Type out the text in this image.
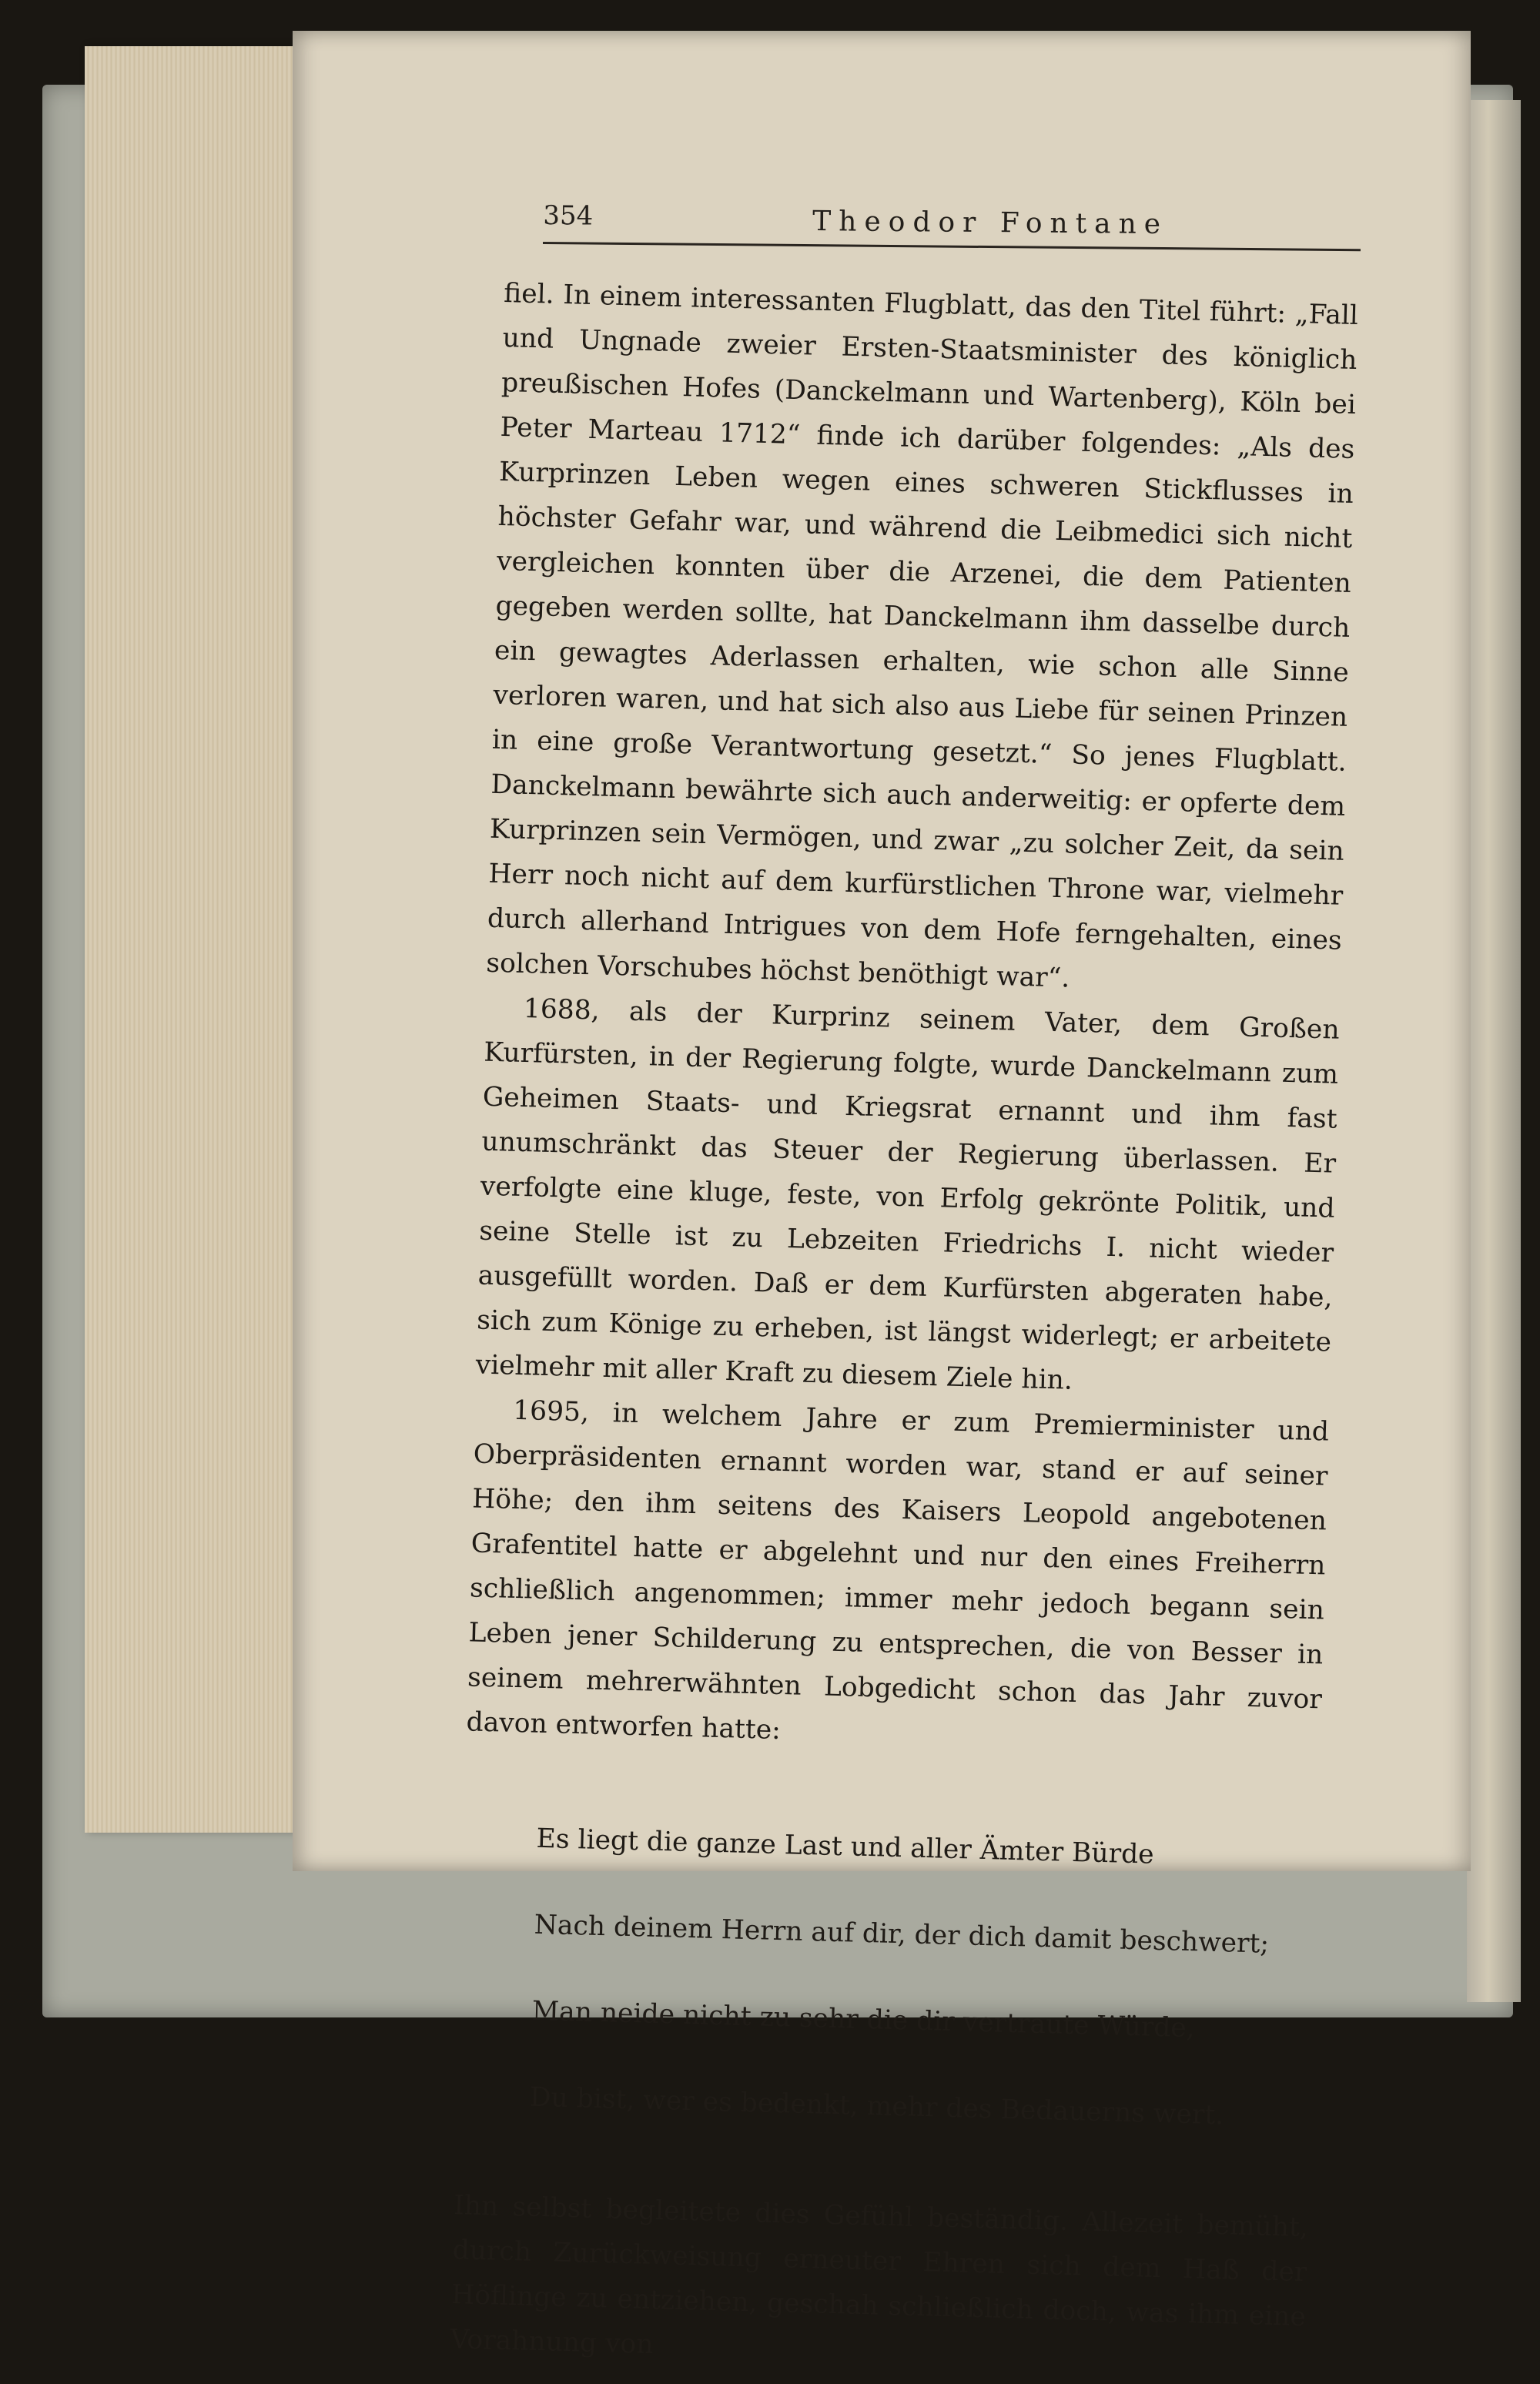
354	Theodor Fontane

fiel. In einem interessanten Flugblatt, das den Titel führt: „Fall und Ungnade zweier Ersten-Staatsminister des königlich preußischen Hofes (Danckelmann und Wartenberg), Köln bei Peter Marteau 1712“ finde ich darüber folgendes: „Als des Kurprinzen Leben wegen eines schweren Stickflusses in höchster Gefahr war, und während die Leibmedici sich nicht vergleichen konnten über die Arzenei, die dem Patienten gegeben werden sollte, hat Danckelmann ihm dasselbe durch ein gewagtes Aderlassen erhalten, wie schon alle Sinne verloren waren, und hat sich also aus Liebe für seinen Prinzen in eine große Verantwortung gesetzt.“ So jenes Flugblatt. Danckelmann bewährte sich auch anderweitig: er opferte dem Kurprinzen sein Vermögen, und zwar „zu solcher Zeit, da sein Herr noch nicht auf dem kurfürstlichen Throne war, vielmehr durch allerhand Intrigues von dem Hofe ferngehalten, eines solchen Vorschubes höchst benöthigt war“.

1688, als der Kurprinz seinem Vater, dem Großen Kurfürsten, in der Regierung folgte, wurde Danckelmann zum Geheimen Staats- und Kriegsrat ernannt und ihm fast unumschränkt das Steuer der Regierung überlassen. Er verfolgte eine kluge, feste, von Erfolg gekrönte Politik, und seine Stelle ist zu Lebzeiten Friedrichs I. nicht wieder ausgefüllt worden. Daß er dem Kurfürsten abgeraten habe, sich zum Könige zu erheben, ist längst widerlegt; er arbeitete vielmehr mit aller Kraft zu diesem Ziele hin.

1695, in welchem Jahre er zum Premierminister und Oberpräsidenten ernannt worden war, stand er auf seiner Höhe; den ihm seitens des Kaisers Leopold angebotenen Grafentitel hatte er abgelehnt und nur den eines Freiherrn schließlich angenommen; immer mehr jedoch begann sein Leben jener Schilderung zu entsprechen, die von Besser in seinem mehrerwähnten Lobgedicht schon das Jahr zuvor davon entworfen hatte:

Es liegt die ganze Last und aller Ämter Bürde

Nach deinem Herrn auf dir, der dich damit beschwert;

Man neide nicht zu sehr die dir vertraute Würde,

Du bist, wer es bedenkt, mehr des Bedauerns wert.

Ihn selbst begleitete dies Gefühl beständig. Allezeit bemüht, durch Zurückweisung erneuter Ehren sich dem Haß der Höflinge zu entziehen, geschah schließlich doch, was ihm eine Vorahnung von
